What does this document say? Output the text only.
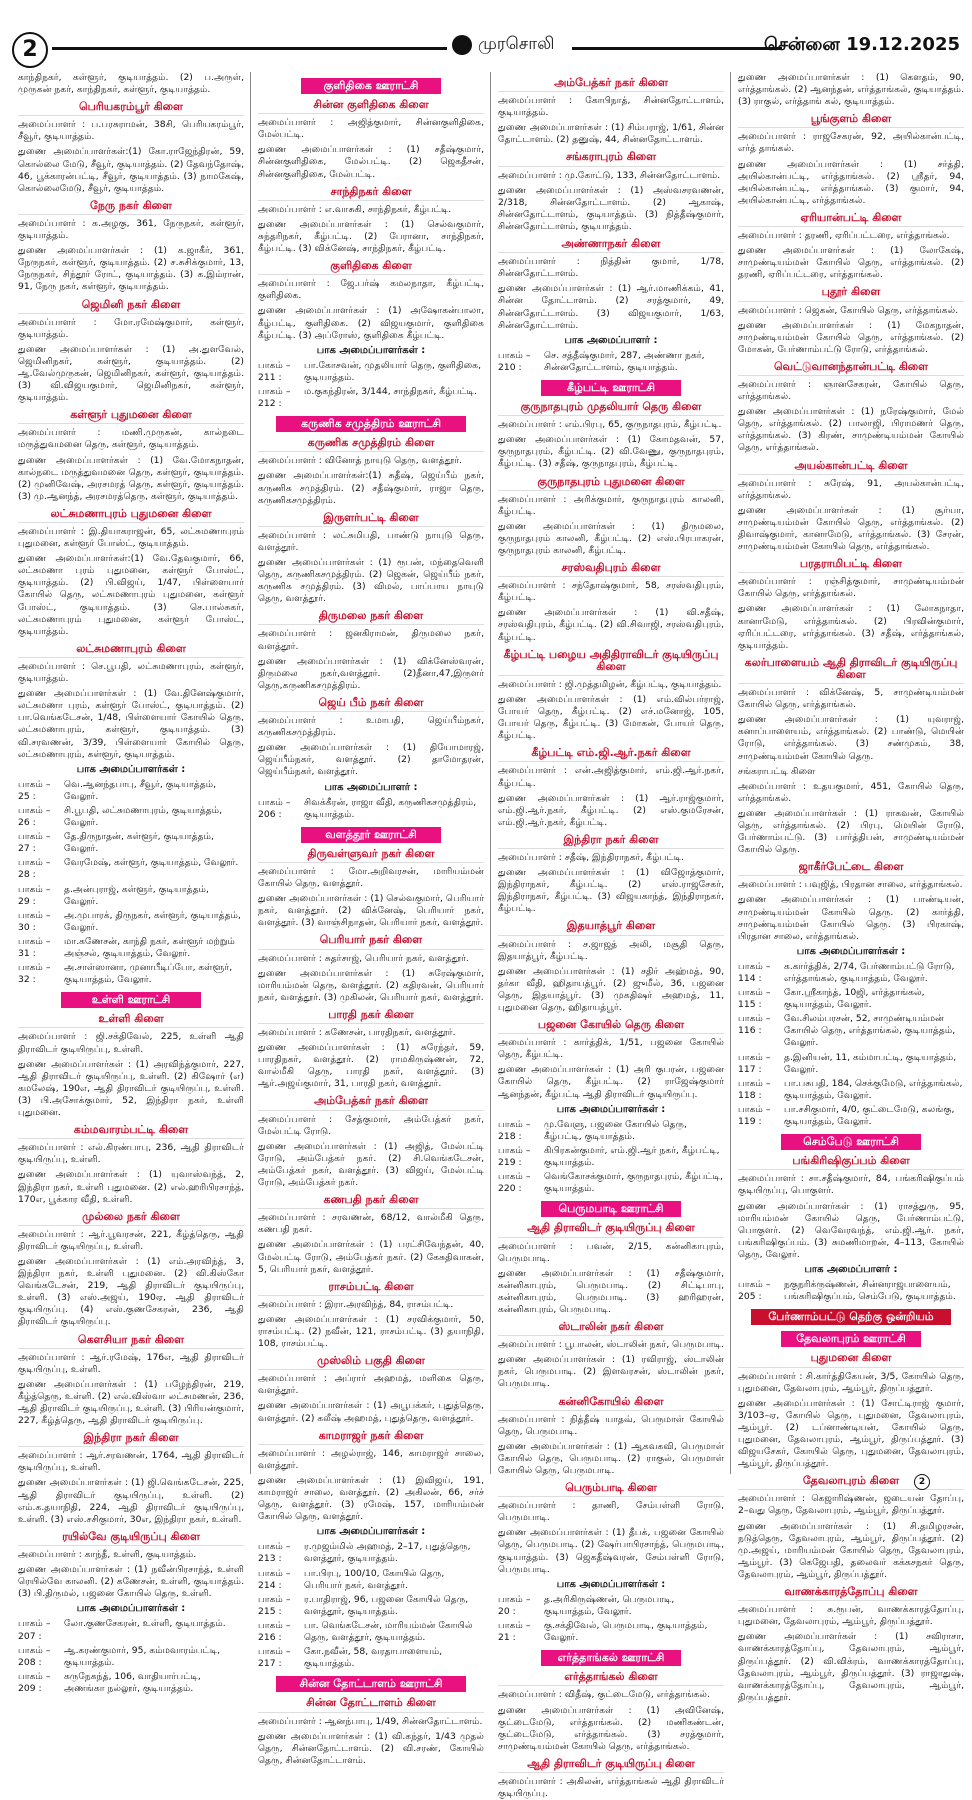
2	முரசொலி	சென்னை 19.12.2025

காந்திநகர், கள்ளூர், குடியாத்தம். (2) ப.அருள், முருகன் நகர், காந்திநகர், கள்ளூர், குடியாத்தம்.

பெரியகரம்பூர் கிளை

அமைப்பாளர் : ப.பரசுராமன், 38சி, பெரியகரம்பூர், சீவூர், குடியாத்தம்.

துணை அமைப்பாளர்கள்:(1) கோ.ராஜேந்திரன், 59, கொல்லை மேடு, சீவூர், குடியாத்தம். (2) தேவந்தோஷ், 46, பூக்காரன்பட்டி, சீவூர், குடியாத்தம். (3) நாமகேஷ், கொல்லைமேடு, சீவூர், குடியாத்தம்.

நேரு நகர் கிளை

அமைப்பாளர் : க.அழகு, 361, நேருநகர், கள்ளூர், குடியாத்தம்.

துணை அமைப்பாளர்கள் : (1) க.ஜாகீர், 361, நேருநகர், கள்ளூர், குடியாத்தம். (2) ச.சுசிக்குமார், 13, நேருநகர், சிந்தூர் ரோட், குடியாத்தம். (3) க.இம்ரான், 91, நேரு நகர், கள்ளூர், குடியாத்தம்.

ஜெமினி நகர் கிளை

அமைப்பாளர் : மோ.ரமேஷ்குமார், கள்ளூர், குடியாத்தம்.

துணை அமைப்பாளர்கள் : (1) அ.துளவேல், ஜெமினிநகர், கள்ளூர், குடியாத்தம். (2) ஆ.வேல்முருகன், ஜெமினிநகர், கள்ளூர், குடியாத்தம். (3) வி.விஜயகுமார், ஜெமினிநகர், கள்ளூர், குடியாத்தம்.

கள்ளூர் புதுமனை கிளை

அமைப்பாளர் : மணி.முருகன், கால்நடை மருத்துவமனை தெரு, கள்ளூர், குடியாத்தம்.

துணை அமைப்பாளர்கள் : (1) வே.மோகநாதன், கால்நடை மருத்துவமனை தெரு, கள்ளூர், குடியாத்தம். (2) முனிவேஷ், அரசமரத் தெரு, கள்ளூர், குடியாத்தம். (3) மு.ஆனந்த், அரசமரத்தெரு, கள்ளூர், குடியாத்தம்.

லட்சுமணாபுரம் புதுமனை கிளை

அமைப்பாளர் : இ.தியாகராஜன், 65, லட்சுமணாபுரம் புதுமனை, கள்ளூர் போஸ்ட், குடியாத்தம்.

துணை அமைப்பாளர்கள்:(1) வே.தேவகுமார், 66, லட்சுமணா புரம் புதுமனை, கள்ளூர் போஸ்ட், குடியாத்தம். (2) பி.விஜய், 1/47, பிள்ளையார் கோயில் தெரு, லட்சுமணாபுரம் புதுமனை, கள்ளூர் போஸ்ட், குடியாத்தம். (3) செ.பால்சுகர், லட்சுமணாபுரம் புதுமனை, கள்ளூர் போஸ்ட், குடியாத்தம்.

லட்சுமணாபுரம் கிளை

அமைப்பாளர் : செ.பூபதி, லட்சுமணாபுரம், கள்ளூர், குடியாத்தம்.

துணை அமைப்பாளர்கள் : (1) வே.தினேஷ்குமார், லட்சுமணா புரம், கள்ளூர் போஸ்ட், குடியாத்தம். (2) பா.வெங்கடேசன், 1/48, பிள்ளையார் கோயில் தெரு, லட்சுமணாபுரம், கள்ளூர், குடியாத்தம். (3) வி.சரவணன், 3/39, பிள்ளையார் கோயில் தெரு, லட்சுமணாபுரம், கள்ளூர், குடியாத்தம்.

பாக அமைப்பாளர்கள் :
பாகம் – 25 :
வெ.ஆனந்தபாபு, சீவூர், குடியாத்தம், வேலூர்.
பாகம் – 26 :
சி.பூபதி, லட்சுமணாபுரம், குடியாத்தம், வேலூர்.
பாகம் – 27 :
தே.திருநாதன், கள்ளூர், குடியாத்தம், வேலூர்.
பாகம் – 28 :
வேரமேஷ், கள்ளூர், குடியாத்தம், வேலூர்.
பாகம் – 29 :
த.அன்புராஜ், கள்ளூர், குடியாத்தம், வேலூர்.
பாகம் – 30 :
அ.முபாரக், திருநகர், கள்ளூர், குடியாத்தம், வேலூர்.
பாகம் – 31 :
மா.கணேசன், காந்தி நகர், கள்ளூர் மற்றும் அஞ்சல், குடியாத்தம், வேலூர்.
பாகம் – 32 :
அ.சாள்ஸானா, முனாபீடிப்போ, கள்ளூர், குடியாத்தம், வேலூர்.
உள்ளி ஊராட்சி
உள்ளி கிளை

அமைப்பாளர் : ஜி.சக்திவேல், 225, உள்ளி ஆதி திராவிடர் குடியிருப்பு, உள்ளி.

துணை அமைப்பாளர்கள் : (1) அரவிந்த்குமார், 227, ஆதி திராவிடர் குடியிருப்பு, உள்ளி. (2) கிஷோர் (எ) கமலேஷ், 190எ, ஆதி திராவிடர் குடியிருப்பு, உள்ளி. (3) பி.அசோக்குமார், 52, இந்திரா நகர், உள்ளி புதுமனை.

கம்மவாரம்பட்டி கிளை

அமைப்பாளர் : எல்.கிரண்பாபு, 236, ஆதி திராவிடர் குடியிருப்பு, உள்ளி.

துணை அமைப்பாளர்கள் : (1) யுவாஸ்வந்த், 2, இந்திரா நகர், உள்ளி புதுமனை. (2) எல்.ஹரிபிரசாந்த், 170எ, பூக்கார வீதி, உள்ளி.

முல்லை நகர் கிளை

அமைப்பாளர் : ஆர்.பூவரசன், 221, கீழ்த்தெரு, ஆதி திராவிடர் குடியிருப்பு, உள்ளி.

துணை அமைப்பாளர்கள் : (1) எம்.அரவிந்த், 3, இந்திரா நகர், உள்ளி புதுமனை. (2) வி.கிஸ்கோ வெங்கடேசன், 219, ஆதி திராவிடர் குடியிருப்பு, உள்ளி. (3) எஸ்.அஜய், 190ஏ, ஆதி திராவிடர் குடியிருப்பு. (4) எஸ்.குணசேகரன், 236, ஆதி திராவிடர் குடியிருப்பு.

கௌசியா நகர் கிளை

அமைப்பாளர் : ஆர்.ரமேஷ், 176எ, ஆதி திராவிடர் குடியிருப்பு, உள்ளி.

துணை அமைப்பாளர்கள் : (1) பழேந்திரன், 219, கீழ்த்தெரு, உள்ளி. (2) எல்.விஸ்வா லட்சுமணன், 236, ஆதி திராவிடர் குடியிருப்பு, உள்ளி. (3) பிரியன்குமார், 227, கீழ்த்தெரு, ஆதி திராவிடர் குடியிருப்பு.

இந்திரா நகர் கிளை

அமைப்பாளர் : ஆர்.சரவணன், 1764, ஆதி திராவிடர் குடியிருப்பு, உள்ளி.

துணை அமைப்பாளர்கள் : (1) ஜி.வெங்கடேசன், 225, ஆதி திராவிடர் குடியிருப்பு, உள்ளி. (2) எம்.க.தயாநிதி, 224, ஆதி திராவிடர் குடியிருப்பு, உள்ளி. (3) எஸ்.சசிகுமார், 30எ, இந்திரா நகர், உள்ளி.

ரயில்வே குடியிருப்பு கிளை

அமைப்பாளர் : காந்தீ, உள்ளி, குடியாத்தம்.

துணை அமைப்பாளர்கள் : (1) நவீன்பிரசாந்த், உள்ளி ரெயில்வே காலனி. (2) கணேசன், உள்ளி, குடியாத்தம். (3) பி.திருமல், பஜனை கோயில் தெரு, உள்ளி.

பாக அமைப்பாளர்கள் :
பாகம் – 207 :
லோ.குணசேகரன், உள்ளி, குடியாத்தம்.
பாகம் – 208 :
ஆ.கரண்குமார், 95, கம்மவாரம்பட்டி, குடியாத்தம்.
பாகம் – 209 :
கருநேகந்த், 106, வாதியார்பட்டி, அணங்கா நல்லூர், குடியாத்தம்.
குளிதிகை ஊராட்சி
சின்ன குளிதிகை கிளை

அமைப்பாளர் : அஜித்குமார், சின்னகுளிதிகை, மேல்பட்டி.

துணை அமைப்பாளர்கள் : (1) சதீஷ்குமார், சின்னகுளிதிகை, மேல்பட்டி. (2) ஜெகதீசன், சின்னகுளிதிகை, மேல்பட்டி.

சாந்திநகர் கிளை

அமைப்பாளர் : எ.வாசுகி, சாந்திநகர், கீழ்பட்டி.

துணை அமைப்பாளர்கள் : (1) செல்வகுமார், சுந்தரிநகர், கீழ்பட்டி. (2) பேரானா, சாந்திநகர், கீழ்பட்டி. (3) விக்னேஷ், சாந்திநகர், கீழ்பட்டி.

குளிதிகை கிளை

அமைப்பாளர் : ஜே.பர்ஷ் கமலநாதா, கீழ்பட்டி, குளிதிகை.

துணை அமைப்பாளர்கள் : (1) அஷோகன்பாலா, கீழ்பட்டி, குளிதிகை. (2) விஜயகுமார், குளிதிகை கீழ்பட்டி. (3) அப்ரோஸ், குளிதிகை கீழ்பட்டி.

பாக அமைப்பாளர்கள் :
பாகம் – 211 :
பா.கோசவன், முதலியார் தெரு, குளிதிகை, குடியாத்தம்.
பாகம் – 212 :
ம.குகந்திரன், 3/144, சாந்திநகர், கீழ்பட்டி.
கருணிக சமுத்திரம் ஊராட்சி
கருணிக சமுத்திரம் கிளை

அமைப்பாளர் : வினோத் நாயுடு தெரு, வளத்தூர்.

துணை அமைப்பாளர்கள்:(1) சுதீஷ், ஜெய்பீம் நகர், கருணிக சமுத்திரம். (2) சதீஷ்குமார், ராஜா தெரு, கருணிகசமுத்திரம்.

இருளர்பட்டி கிளை

அமைப்பாளர் : லட்சுமிபதி, பாண்டு நாயுடு தெரு, வளத்தூர்.

துணை அமைப்பாளர்கள் : (1) ரூபன், மந்தைவெளி தெரு, கருணிகசமுத்திரம். (2) ஜெகன், ஜெய்பீம் நகர், கருணிக சமுத்திரம். (3) விமல், பாப்பாய நாயுடு தெரு, வளத்தூர்.

திருமலை நகர் கிளை

அமைப்பாளர் : ஜனகிராமன், திருமலை நகர், வளத்தூர்.

துணை அமைப்பாளர்கள் : (1) விக்னேஸ்வரன், திருமலை நகர்,வளத்தூர். (2)தீனா,47,இருளர் தெரு,கருணிகசமுத்திரம்.

ஜெய் பீம் நகர் கிளை

அமைப்பாளர் : உமாபதி, ஜெய்பீம்நகர், கருணிகசமுத்திரம்.

துணை அமைப்பாளர்கள் : (1) தியோமாரஜ், ஜெய்பீம்நகர், வளத்தூர். (2) தாமோதரன், ஜெய்பீம்நகர், வளத்தூர்.

பாக அமைப்பாளர் :
பாகம் – 206 :
சிவக்கீரன், ராஜா வீதி, கருணிகசமுத்திரம், குடியாத்தம்.
வளத்தூர் ஊராட்சி
திருவள்ளுவர் நகர் கிளை

அமைப்பாளர் : மோ.அறிவரசன், மாரியம்மன் கோயில் தெரு, வளத்தூர்.

துணை அமைப்பாளர்கள் : (1) செல்வகுமார், பெரியார் நகர், வளத்தூர். (2) விக்னேஷ், பெரியார் நகர், வளத்தூர். (3) வாஞ்சிநாதன், பெரியார் நகர், வளத்தூர்.

பெரியார் நகர் கிளை

அமைப்பாளர் : சுதர்சாஜ், பெரியார் நகர், வளத்தூர்.

துணை அமைப்பாளர்கள் : (1) சுரேஷ்குமார், மாரியம்மன் தெரு, வளத்தூர். (2) கதிரவன், பெரியார் நகர், வளத்தூர். (3) முகிலன், பெரியார் நகர், வளத்தூர்.

பாரதி நகர் கிளை

அமைப்பாளர் : கணேசன், பாரதிநகர், வளத்தூர்.

துணை அமைப்பாளர்கள் : (1) சுரேந்தர், 59, பாரதிநகர், வளத்தூர். (2) ராமகிருஷ்ணன், 72, வால்மீகி தெரு, பாரதி நகர், வளத்தூர். (3) ஆர்.அஜய்குமார், 31, பாரதி நகர், வளத்தூர்.

அம்பேத்கர் நகர் கிளை

அமைப்பாளர் : சேத்குமார், அம்பேத்கர் நகர், மேல்பட்டி ரோடு.

துணை அமைப்பாளர்கள் : (1) அஜித், மேல்பட்டி ரோடு, அம்பேத்கர் நகர். (2) சி.வெங்கடேசன், அம்பேத்கர் நகர், வளத்தூர். (3) விஜய், மேல்பட்டி ரோடு, அம்பேத்கர் நகர்.

கணபதி நகர் கிளை

அமைப்பாளர் : சரவணன், 68/12, வால்மீகி தெரு, கணபதி நகர்.

துணை அமைப்பாளர்கள் : (1) பரட்சிவேந்தன், 40, மேல்பட்டி ரோடு, அம்பேத்கர் நகர். (2) கேசுதிவாகன், 5, பெரியார் நகர், வளத்தூர்.

ராசம்பட்டி கிளை

அமைப்பாளர் : இரா.அரவிந்த், 84, ராசம்பட்டி.

துணை அமைப்பாளர்கள் : (1) சரவிக்குமார், 50, ராசம்பட்டி. (2) நவீன், 121, ராசம்பட்டி. (3) தயாநிதி, 108, ராசம்பட்டி.

முஸ்லிம் பகுதி கிளை

அமைப்பாளர் : அப்ரார் அஹமத், மளிகை தெரு, வளத்தூர்.

துணை அமைப்பாளர்கள் : (1) அபூபக்கர், புதுத்தெரு, வளத்தூர். (2) கலீஷ் அஹமத், புதுத்தெரு, வளத்தூர்.

காமராஜர் நகர் கிளை

அமைப்பாளர் : அழல்ராஜ், 146, காமராஜர் சாலை, வளத்தூர்.

துணை அமைப்பாளர்கள் : (1) இவிஜய், 191, காமராஜர் சாலை, வளத்தூர். (2) அகிலன், 66, சர்ச் தெரு, வளத்தூர். (3) ரமேஷ், 157, மாரியம்மன் கோயில் தெரு, வளத்தூர்.

பாக அமைப்பாளர்கள் :
பாகம் – 213 :
ர.முஜம்மில் அஹமத், 2–17, புதுத்தெரு, வளத்தூர், குடியாத்தம்.
பாகம் – 214 :
பா.பிரபு, 100/10, கோயில் தெரு, பெரியார் நகர், வளத்தூர்.
பாகம் – 215 :
ர.பாதிராஜ், 96, பஜனை கோயில் தெரு, வளத்தூர், குடியாத்தம்.
பாகம் – 216 :
பா. வெங்கடேசன், மாரியம்மன் கோயில் தெரு, வளத்தூர், குடியாத்தம்.
பாகம் – 217 :
கோ.நவீன், 58, வரதாபாளையம், குடியாத்தம்.
சின்ன தோட்டாளம் ஊராட்சி
சின்ன தோட்டாளம் கிளை

அமைப்பாளர் : ஆனந்பாபு, 1/49, சின்னதோட்டாளம்.

துணை அமைப்பாளர்கள் : (1) வி.கந்தர், 1/43 முதல் தெரு, சின்னதோட்டாளம். (2) வி.சரண், கோயில் தெரு, சின்னதோட்டாளம்.

அம்பேத்கர் நகர் கிளை

அமைப்பாளர் : கோபிநாத், சின்னதோட்டாளம், குடியாத்தம்.

துணை அமைப்பாளர்கள் : (1) சிம்பராஜ், 1/61, சின்ன தோட்டாளம். (2) தனுஷ், 44, சின்னதோட்டாளம்.

சங்கராபுரம் கிளை

அமைப்பாளர் : மு.கோட்டு, 133, சின்னதோட்டாளம்.

துணை அமைப்பாளர்கள் : (1) அஸ்வசரவணன், 2/318, சின்னதோட்டாளம். (2) ஆகாஷ், சின்னதோட்டாளம், குடியாத்தம். (3) நித்தீஷ்குமார், சின்னதோட்டாளம், குடியாத்தம்.

அண்ணாநகர் கிளை

அமைப்பாளர் : நித்தின் குமார், 1/78, சின்னதோட்டாளம்.

துணை அமைப்பாளர்கள் : (1) ஆர்.மாணிக்கம், 41, சின்ன தோட்டாளம். (2) சரத்குமார், 49, சின்னதோட்டாளம். (3) விஜயகுமார், 1/63, சின்னதோட்டாளம்.

பாக அமைப்பாளர் :
பாகம் – 210 :
செ. சத்தீஷ்குமார், 287, அண்ணா நகர், சின்னதோட்டாளம், குடியாத்தம்.
கீழ்பட்டி ஊராட்சி
குருநாதபுரம் முதலியார் தெரு கிளை

அமைப்பாளர் : எம்.பிரபு, 65, குருநாதபுரம், கீழ்பட்டி.

துணை அமைப்பாளர்கள் : (1) கோமதவன், 57, குருநாதபுரம், கீழ்பட்டி. (2) வி.வேணு, குருநாதபுரம், கீழ்பட்டி. (3) சதீஷ், குருநாதபுரம், கீழ்பட்டி.

குருநாதபுரம் புதுமனை கிளை

அமைப்பாளர் : அரிக்குமார், குருநாதபுரம் காலனி, கீழ்பட்டி.

துணை அமைப்பாளர்கள் : (1) திருமலை, குருநாதபுரம் காலனி, கீழ்பட்டி. (2) எஸ்.பிரபாகரன், குருநாதபுரம் காலனி, கீழ்பட்டி.

சரஸ்வதிபுரம் கிளை

அமைப்பாளர் : சந்தோஷ்குமார், 58, சரஸ்வதிபுரம், கீழ்பட்டி.

துணை அமைப்பாளர்கள் : (1) வி.சதீஷ், சரஸ்வதிபுரம், கீழ்பட்டி. (2) வி.சிவாஜி, சரஸ்வதிபுரம், கீழ்பட்டி.

கீழ்பட்டி பழைய அதிதிராவிடர் குடியிருப்பு கிளை

அமைப்பாளர் : ஜி.முத்தமிழன், கீழ்பட்டி, குடியாத்தம்.

துணை அமைப்பாளர்கள் : (1) எம்.வில்பர்ராஜ், போயர் தெரு, கீழ்பட்டி. (2) எச்.மனோஜ், 105, போயர் தெரு, கீழ்பட்டி. (3) மோகன், போயர் தெரு, கீழ்பட்டி.

கீழ்பட்டி எம்.ஜி.ஆர்.நகர் கிளை

அமைப்பாளர் : என்.அஜித்குமார், எம்.ஜி.ஆர்.நகர், கீழ்பட்டி.

துணை அமைப்பாளர்கள் : (1) ஆர்.ராஜ்குமார், எம்.ஜி.ஆர்.நகர், கீழ்பட்டி. (2) எஸ்.குமரேசன், எம்.ஜி.ஆர்.நகர், கீழ்பட்டி.

இந்திரா நகர் கிளை

அமைப்பாளர் : சதீஷ், இந்திராநகர், கீழ்பட்டி.

துணை அமைப்பாளர்கள் : (1) விஜோத்குமார், இந்திராநகர், கீழ்பட்டி. (2) எஸ்.ராஜசேகர், இந்திராநகர், கீழ்பட்டி. (3) விஜயகாந்த், இந்திராநகர், கீழ்பட்டி.

இதயாத்பூர் கிளை

அமைப்பாளர் : ச.ஜாஜத் அலி, மசூதி தெரு, இதயாத்பூர், கீழ்பட்டி.

துணை அமைப்பாளர்கள் : (1) சதிர் அஹ்மத், 90, தர்கா வீதி, ஹிதாயத்பூர். (2) ஜுமீல், 36, பஜனை தெரு, இதயாத்பூர். (3) முகதிஷர் அஹமத், 11, புதுமனை தெரு, ஹிதாயத்பூர்.

பஜனை கோயில் தெரு கிளை

அமைப்பாளர் : கார்த்திக், 1/51, பஜனை கோயில் தெரு, கீழ்பட்டி.

துணை அமைப்பாளர்கள் : (1) அரி குபரன், பஜனை கோயில் தெரு, கீழ்பட்டி. (2) ராஜேஷ்குமார் ஆனந்தன், கீழ்பட்டி ஆதி திராவிடர் குடியிருப்பு.

பாக அமைப்பாளர்கள் :
பாகம் – 218 :
மு.வேளு, பஜனை கோயில் தெரு, கீழ்பட்டி, குடியாத்தம்.
பாகம் – 219 :
கிபிரகன்குமார், எம்.ஜி.ஆர் நகர், கீழ்பட்டி, குடியாத்தம்.
பாகம் – 220 :
வெங்கோசக்குமார், குருநாதபுரம், கீழ்பட்டி, குடியாத்தம்.
பெருமபாடி ஊராட்சி
ஆதி திராவிடர் குடியிருப்பு கிளை

அமைப்பாளர் : பவன், 2/15, கன்னிகாபுரம், பெருமபாடி.

துணை அமைப்பாளர்கள் : (1) சதீஷ்குமார், கன்னிகாபுரம், பெருமபாடி. (2) சிட்டிபாபு, கன்னிகாபுரம், பெருமபாடி. (3) ஹரிஹரன், கன்னிகாபுரம், பெருமபாடி.

ஸ்டாலின் நகர் கிளை

அமைப்பாளர் : பூபாலன், ஸ்டாலின் நகர், பெருமபாடி.

துணை அமைப்பாளர்கள் : (1) ரவிராஜ், ஸ்டாலின் நகர், பெருமபாடி. (2) இளவரசன், ஸ்டாலின் நகர், பெருமபாடி.

கன்னிகோயில் கிளை

அமைப்பாளர் : நித்தீஷ் யாதவ், பெருமாள் கோயில் தெரு, பெருமபாடி.

துணை அமைப்பாளர்கள் : (1) ஆகவகவி, பெருமாள் கோயில் தெரு, பெருமபாடி. (2) ராகுல், பெருமாள் கோயில் தெரு, பெருமபாடி.

பெரும்பாடி கிளை

அமைப்பாளர் : தாணி, சேம்பள்ளி ரோடு, பெருமபாடி.

துணை அமைப்பாளர்கள் : (1) தீபக், பஜனை கோயில் தெரு, பெருமபாடி. (2) ஷேர்பாபிரசாந்த், பெருமபாடி, குடியாத்தம். (3) ஜெகதீஷ்வரன், சேம்பள்ளி ரோடு, பெருமபாடி.

பாக அமைப்பாளர்கள் :
பாகம் – 20 :
த.அரிகிருஷ்ணன், பெருமபாடி, குடியாத்தம், வேலூர்.
பாகம் – 21 :
கு.சக்திவேல், பெருமபாடி, குடியாத்தம், வேலூர்.
எர்த்தாங்கல் ஊராட்சி
எர்த்தாங்கல் கிளை

அமைப்பாளர் : விதீஷ், குட்டைமேடு, எர்த்தாங்கல்.

துணை அமைப்பாளர்கள் : (1) அவினேஷ், குட்டைமேடு, எர்த்தாங்கல். (2) மணிகண்டன், குட்டைமேடு, எர்த்தாங்கல். (3) சரத்குமார், சாமுண்டியம்மன் கோயில் தெரு, எர்த்தாங்கல்.

ஆதி திராவிடர் குடியிருப்பு கிளை

அமைப்பாளர் : அகிலன், எர்த்தாங்கல் ஆதி திராவிடர் குடியிருப்பு.

துணை அமைப்பாளர்கள் : (1) கௌதம், 90, எர்த்தாங்கல். (2) ஆனந்தன், எர்த்தாங்கல், குடியாத்தம். (3) ராகுல், எர்த்தாங் கல், குடியாத்தம்.

பூங்குளம் கிளை

அமைப்பாளர் : ராஜசேகரன், 92, அயில்கான்பட்டி, எர்த் தாங்கல்.

துணை அமைப்பாளர்கள் : (1) சர்த்தி, அயில்கான்பட்டி, எர்த்தாங்கல். (2) ஸ்ரீதர், 94, அயில்கான்பட்டி, எர்த்தாங்கல். (3) குமார், 94, அயில்கான்பட்டி, எர்த்தாங்கல்.

ஏரியான்பட்டி கிளை

அமைப்பாளர் : தரணி, ஏரிப்பட்டரை, எர்த்தாங்கல்.

துணை அமைப்பாளர்கள் : (1) லோகேஷ், சாமுண்டியம்மன் கோயில் தெரு, எர்த்தாங்கல். (2) தரணி, ஏரிப்பட்டரை, எர்த்தாங்கல்.

புதூர் கிளை

அமைப்பாளர் : ஜெகன், கோயில் தெரு, எர்த்தாங்கல்.

துணை அமைப்பாளர்கள் : (1) மேகநாதன், சாமுண்டியம்மன் கோயில் தெரு, எர்த்தாங்கல். (2) மோகன், பேர்ணாம்பட்டு ரோடு, எர்த்தாங்கல்.

வெட்டுவானந்தான்பட்டி கிளை

அமைப்பாளர் : ஞானசேகரன், கோயில் தெரு, எர்த்தாங்கல்.

துணை அமைப்பாளர்கள் : (1) நரேஷ்குமார், மேல் தெரு, எர்த்தாங்கல். (2) பாலாஜி, பிராமணர் தெரு, எர்த்தாங்கல். (3) கிரண், சாமுண்டியம்மன் கோயில் தெரு, எர்த்தாங்கல்.

அயல்கான்பட்டி கிளை

அமைப்பாளர் : சுரேஷ், 91, அயல்கான்பட்டி, எர்த்தாங்கல்.

துணை அமைப்பாளர்கள் : (1) சூர்யா, சாமுண்டியம்மன் கோயில் தெரு, எர்த்தாங்கல். (2) திவாஷ்குமார், கானாமேடு, எர்த்தாங்கல். (3) சேரன், சாமுண்டியம்மன் கோயில் தெரு, எர்த்தாங்கல்.

பரதராமிபட்டி கிளை

அமைப்பாளர் : ரஞ்சித்குமார், சாமுண்டியம்மன் கோயில் தெரு, எர்த்தாங்கல்.

துணை அமைப்பாளர்கள் : (1) லோகநாதா, கானாமேடு, எர்த்தாங்கல். (2) பிரவின்குமார், ஏரிப்பட்டரை, எர்த்தாங்கல். (3) சதீஷ், எர்த்தாங்கல், குடியாத்தம்.

கலர்பாளையம் ஆதி திராவிடர் குடியிருப்பு கிளை

அமைப்பாளர் : விக்னேஷ், 5, சாமுண்டியம்மன் கோயில் தெரு, எர்த்தாங்கல்.

துணை அமைப்பாளர்கள் : (1) யுவராஜ், கனாப்பாளையம், எர்த்தாங்கல். (2) பாண்டு, மெயின் ரோடு, எர்த்தாங்கல். (3) சண்முகம், 38, சாமுண்டியம்மன் கோயில் தெரு.

சங்கராபட்டி கிளை

அமைப்பாளர் : உதயகுமார், 451, கோயில் தெரு, எர்த்தாங்கல்.

துணை அமைப்பாளர்கள் : (1) ராகவன், கோயில் தெரு, எர்த்தாங்கல். (2) பிரபு, மெயின் ரோடு, பேர்ணாம்பட்டு. (3) பார்த்திபன், சாமுண்டியம்மன் கோயில் தெரு.

ஜாகீர்பேட்டை கிளை

அமைப்பாளர் : பவுஜித், பிரதான சாலை, எர்த்தாங்கல்.

துணை அமைப்பாளர்கள் : (1) பாண்டியன், சாமுண்டியம்மன் கோயில் தெரு. (2) கார்த்தி, சாமுண்டியம்மன் கோயில் தெரு. (3) பிரகாஷ், பிரதான சாலை, எர்த்தாங்கல்.

பாக அமைப்பாளர்கள் :
பாகம் – 114 :
க.கார்த்திக், 2/74, பேர்ணாம்பட்டு ரோடு, எர்த்தாங்கல், குடியாத்தம், வேலூர்.
பாகம் – 115 :
கோ.ஸ்ரீகாந்த், 10ஜி, எர்த்தாங்கல், குடியாத்தம், வேலூர்.
பாகம் – 116 :
வே.சிலம்பரசன், 52, சாமுண்டியம்மன் கோயில் தெரு, எர்த்தாங்கல், குடியாத்தம், வேலூர்.
பாகம் – 117 :
த.இனியன், 11, கம்மாபட்டி, குடியாத்தம், வேலூர்.
பாகம் – 118 :
பா.பசுபதி, 184, செக்குமேடு, எர்த்தாங்கல், குடியாத்தம், வேலூர்.
பாகம் – 119 :
பா.சசிகுமார், 4/0, குட்டைமேடு, கலங்கு, குடியாத்தம், வேலூர்.
செம்பேடு ஊராட்சி
பங்கிரிஷிகுப்பம் கிளை

அமைப்பாளர் : சா.சதீஷ்குமார், 84, பங்கரிஷிகுப்பம் குடியிருப்பு, பொகுளர்.

துணை அமைப்பாளர்கள் : (1) ராசத்துரு, 95, மாரியம்மன் கோயில் தெரு, பேர்ணாம்பட்டு, பொகுளர். (2) வெவேரவந்த், எம்.ஜி.ஆர். நகர், பங்கரிஷிகுப்பம். (3) சுமணிமாறன், 4–113, கோயில் தெரு, வேலூர்.

பாக அமைப்பாளர் :
பாகம் – 205 :
நகுநரிக்ருஷ்ணன், சின்னராஜபாளையம், பங்கரிஷிகுப்பம், செம்பேடு, குடியாத்தம்.
பேர்ணாம்பட்டு தெற்கு ஒன்றியம்
தேவலாபுரம் ஊராட்சி
புதுமனை கிளை

அமைப்பாளர் : சி.கார்த்திகேயன், 3/5, கோயில் தெரு, புதுமனை, தேவலாபுரம், ஆம்பூர், திருப்பத்தூர்.

துணை அமைப்பாளர்கள் : (1) சோட்டிராஜ் குமார், 3/103–ஏ, கோயில் தெரு, புதுமனை, தேவலாபுரம், ஆம்பூர். (2) டப்னாண்டியன், கோயில் தெரு, புதுமனை, தேவலாபுரம், ஆம்பூர், திருப்பத்தூர். (3) விஜயசேகர், கோயில் தெரு, புதுமனை, தேவலாபுரம், ஆம்பூர், திருப்பத்தூர்.

தேவலாபுரம் கிளை

அமைப்பாளர் : கெஜாரிஷ்ணன், ஜடையன் தோப்பு, 2–வது தெரு, தேவலாபுரம், ஆம்பூர், திருப்பத்தூர்.

துணை அமைப்பாளர்கள் : (1) சி.தமிழரசன், நடுத்தெரு, தேவலாபுரம், ஆம்பூர், திருப்பத்தூர். (2) மு.அஜய், மாரியம்மன் கோயில் தெரு, தேவலாபுரம், ஆம்பூர். (3) கெஜேபதி, தலைவர் கக்கசநகர் தெரு, தேவலாபுரம், ஆம்பூர், திருப்பத்தூர்.

வாணக்காரத்தோப்பு கிளை

அமைப்பாளர் : சு.ரூபன், வாணக்காரத்தோப்பு, புதுமனை, தேவலாபுரம், ஆம்பூர், திருப்பத்தூர்.

துணை அமைப்பாளர்கள் : (1) சவிராசா, வாணக்காரத்தோப்பு, தேவலாபுரம், ஆம்பூர், திருப்பத்தூர். (2) வி.விக்ரம், வாணக்காரத்தோப்பு, தேவலாபுரம், ஆம்பூர், திருப்பத்தூர். (3) ராஜாதுஷ், வாணக்காரத்தோப்பு, தேவலாபுரம், ஆம்பூர், திருப்பத்தூர்.

2
